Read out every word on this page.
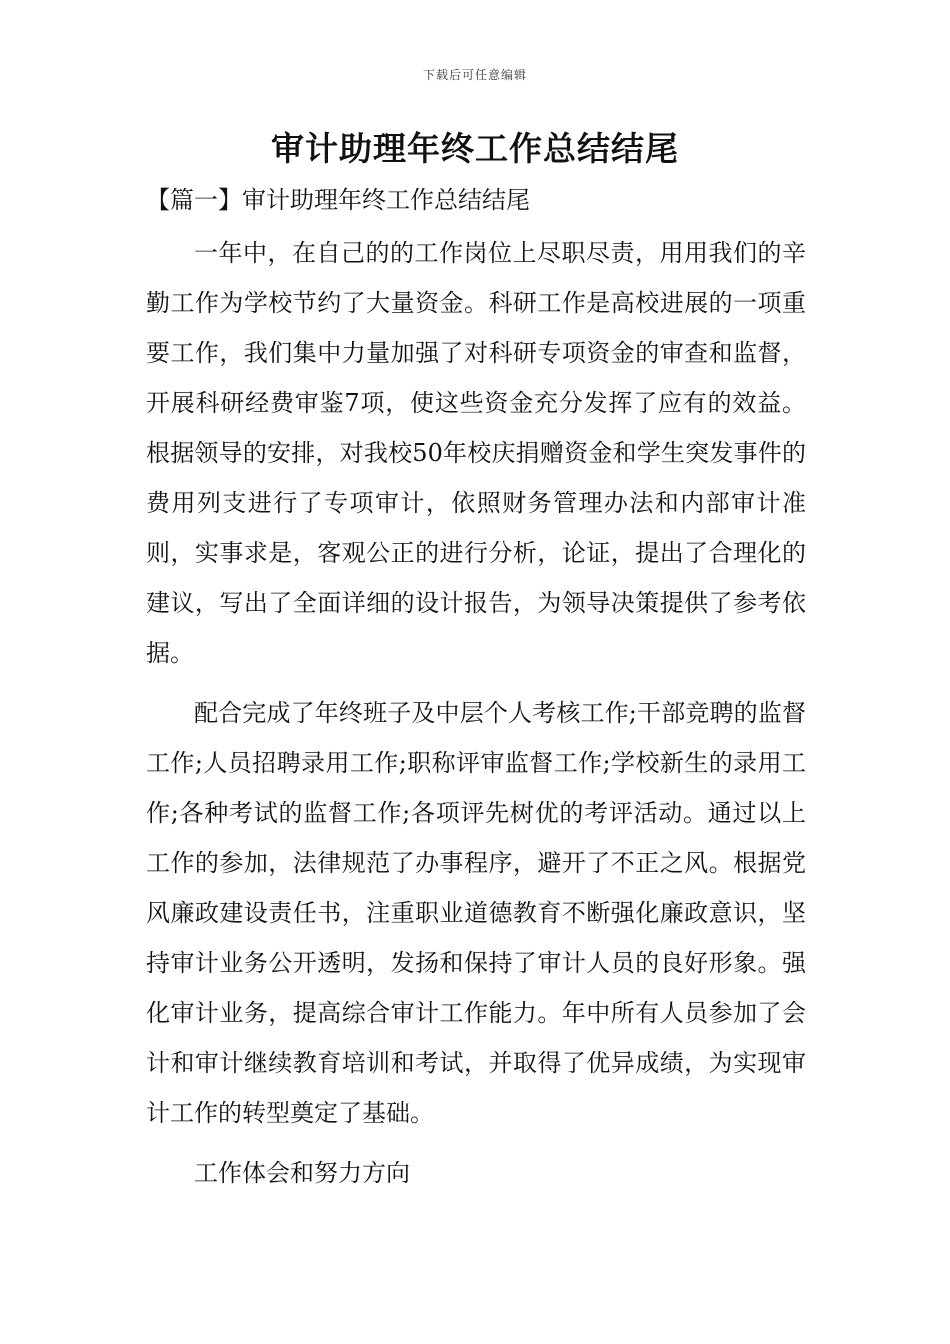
下载后可任意编辑
审计助理年终工作总结结尾
【篇一】审计助理年终工作总结结尾

一年中，在自己的的工作岗位上尽职尽责，用用我们的辛勤工作为学校节约了大量资金。科研工作是高校进展的一项重要工作，我们集中力量加强了对科研专项资金的审查和监督，开展科研经费审鉴7项，使这些资金充分发挥了应有的效益。根据领导的安排，对我校50年校庆捐赠资金和学生突发事件的费用列支进行了专项审计，依照财务管理办法和内部审计准则，实事求是，客观公正的进行分析，论证，提出了合理化的建议，写出了全面详细的设计报告，为领导决策提供了参考依据。

配合完成了年终班子及中层个人考核工作;干部竞聘的监督工作;人员招聘录用工作;职称评审监督工作;学校新生的录用工作;各种考试的监督工作;各项评先树优的考评活动。通过以上工作的参加，法律规范了办事程序，避开了不正之风。根据党风廉政建设责任书，注重职业道德教育不断强化廉政意识，坚持审计业务公开透明，发扬和保持了审计人员的良好形象。强化审计业务，提高综合审计工作能力。年中所有人员参加了会计和审计继续教育培训和考试，并取得了优异成绩，为实现审计工作的转型奠定了基础。

工作体会和努力方向
